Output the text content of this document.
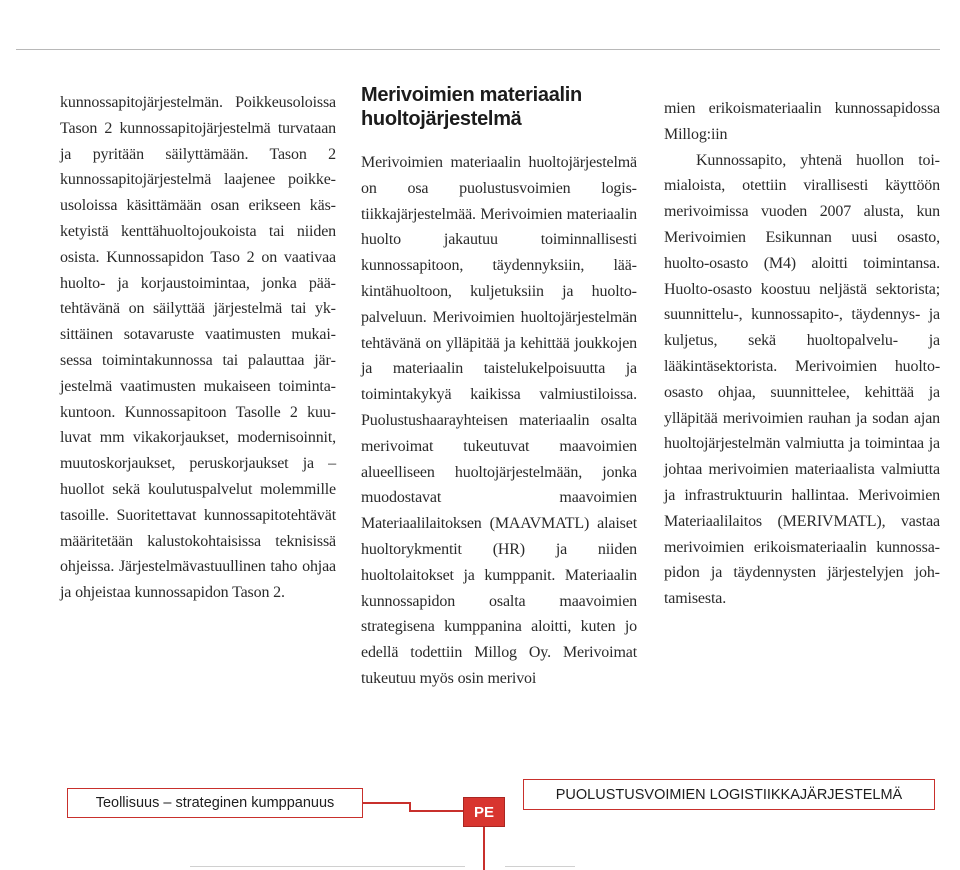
kunnossapitojärjestelmän. Poikkeusoloissa Tason 2 kunnossapitojärjestelmä turvataan ja pyritään säilyttämään. Tason 2 kunnossapitojärjestelmä laajenee poikkeusoloissa käsittämään osan erikseen käsketyistä kenttähuoltojoukoista tai niiden osista. Kunnossapidon Taso 2 on vaativaa huolto- ja korjaustoimintaa, jonka päätehtävänä on säilyttää järjestelmä tai yksittäinen sotavaruste vaatimusten mukaisessa toimintakunnossa tai palauttaa järjestelmä vaatimusten mukaiseen toimintakuntoon. Kunnossapitoon Tasolle 2 kuuluvat mm vikakorjaukset, modernisoinnit, muutoskorjaukset, peruskorjaukset ja –huollot sekä koulutuspalvelut molemmille tasoille. Suoritettavat kunnossapitotehtävät määritetään kalustokohtaisissa teknisissä ohjeissa. Järjestelmävastuullinen taho ohjaa ja ohjeistaa kunnossapidon Tason 2.

Merivoimien materiaalin huoltojärjestelmä

Merivoimien materiaalin huoltojärjestelmä on osa puolustusvoimien logistiikkajärjestelmää. Merivoimien materiaalin huolto jakautuu toiminnallisesti kunnossapitoon, täydennyksiin, lääkintähuoltoon, kuljetuksiin ja huoltopalveluun. Merivoimien huoltojärjestelmän tehtävänä on ylläpitää ja kehittää joukkojen ja materiaalin taistelukelpoisuutta ja toimintakykyä kaikissa valmiustiloissa. Puolustushaarayhteisen materiaalin osalta merivoimat tukeutuvat maavoimien alueelliseen huoltojärjestelmään, jonka muodostavat maavoimien Materiaalilaitoksen (MAAVMATL) alaiset huoltorykmentit (HR) ja niiden huoltolaitokset ja kumppanit. Materiaalin kunnossapidon osalta maavoimien strategisena kumppanina aloitti, kuten jo edellä todettiin Millog Oy. Merivoimat tukeutuu myös osin merivoi

mien erikoismateriaalin kunnossapidossa Millog:iin

Kunnossapito, yhtenä huollon toimialoista, otettiin virallisesti käyttöön merivoimissa vuoden 2007 alusta, kun Merivoimien Esikunnan uusi osasto, huolto-osasto (M4) aloitti toimintansa. Huolto-osasto koostuu neljästä sektorista; suunnittelu-, kunnossapito-, täydennys- ja kuljetus, sekä huoltopalvelu- ja lääkintäsektorista. Merivoimien huolto-osasto ohjaa, suunnittelee, kehittää ja ylläpitää merivoimien rauhan ja sodan ajan huoltojärjestelmän valmiutta ja toimintaa ja johtaa merivoimien materiaalista valmiutta ja infrastruktuurin hallintaa. Merivoimien Materiaalilaitos (MERIVMATL), vastaa merivoimien erikoismateriaalin kunnossapidon ja täydennysten järjestelyjen johtamisesta.

Teollisuus – strateginen kumppanuus
PE
PUOLUSTUSVOIMIEN LOGISTIIKKAJÄRJESTELMÄ
